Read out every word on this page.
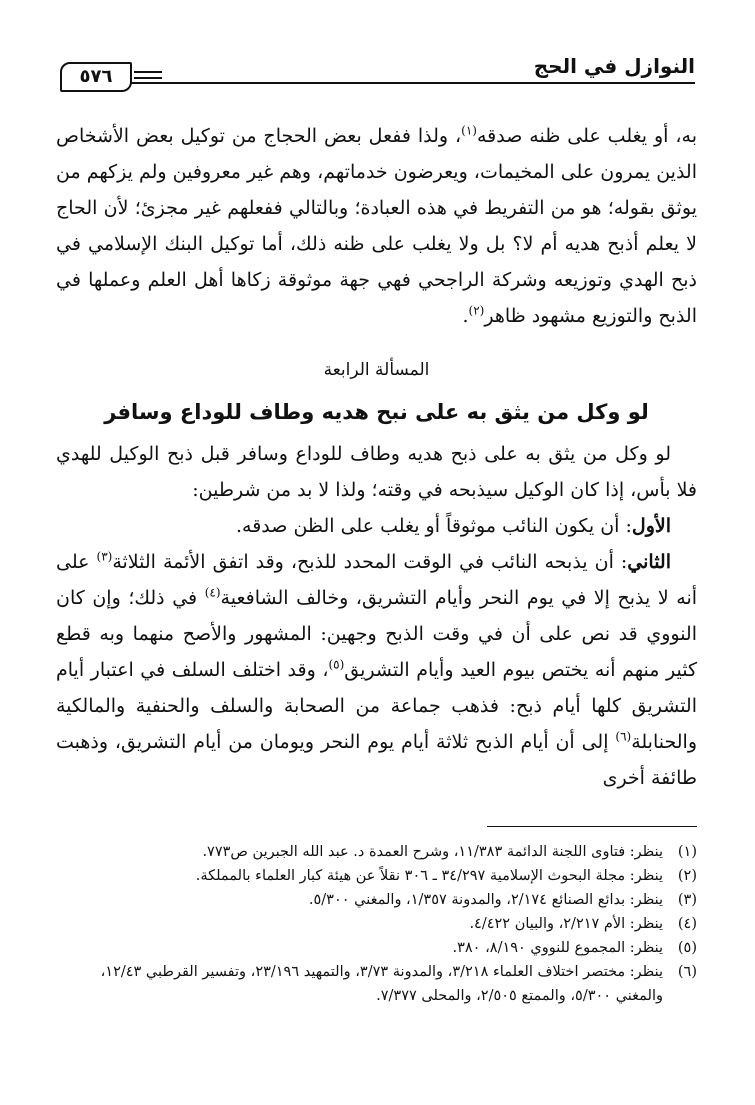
النوازل في الحج
٥٧٦

به، أو يغلب على ظنه صدقه$^{(١)}$، ولذا ففعل بعض الحجاج من توكيل بعض الأشخاص الذين يمرون على المخيمات، ويعرضون خدماتهم، وهم غير معروفين ولم يزكهم من يوثق بقوله؛ هو من التفريط في هذه العبادة؛ وبالتالي ففعلهم غير مجزئ؛ لأن الحاج لا يعلم أذبح هديه أم لا؟ بل ولا يغلب على ظنه ذلك، أما توكيل البنك الإسلامي في ذبح الهدي وتوزيعه وشركة الراجحي فهي جهة موثوقة زكاها أهل العلم وعملها في الذبح والتوزيع مشهود ظاهر$^{(٢)}$.

المسألة الرابعة
لو وكل من يثق به على نبح هديه وطاف للوداع وسافر

لو وكل من يثق به على ذبح هديه وطاف للوداع وسافر قبل ذبح الوكيل للهدي فلا بأس، إذا كان الوكيل سيذبحه في وقته؛ ولذا لا بد من شرطين:

الأول: أن يكون النائب موثوقاً أو يغلب على الظن صدقه.

الثاني: أن يذبحه النائب في الوقت المحدد للذبح، وقد اتفق الأئمة الثلاثة$^{(٣)}$ على أنه لا يذبح إلا في يوم النحر وأيام التشريق، وخالف الشافعية$^{(٤)}$ في ذلك؛ وإن كان النووي قد نص على أن في وقت الذبح وجهين: المشهور والأصح منهما وبه قطع كثير منهم أنه يختص بيوم العيد وأيام التشريق$^{(٥)}$، وقد اختلف السلف في اعتبار أيام التشريق كلها أيام ذبح: فذهب جماعة من الصحابة والسلف والحنفية والمالكية والحنابلة$^{(٦)}$ إلى أن أيام الذبح ثلاثة أيام يوم النحر ويومان من أيام التشريق، وذهبت طائفة أخرى

(١)
ينظر: فتاوى اللجنة الدائمة ١١/٣٨٣، وشرح العمدة د. عبد الله الجبرين ص٧٧٣.
(٢)
ينظر: مجلة البحوث الإسلامية ٣٤/٢٩٧ ـ ٣٠٦ نقلاً عن هيئة كبار العلماء بالمملكة.
(٣)
ينظر: بدائع الصنائع ٢/١٧٤، والمدونة ١/٣٥٧، والمغني ٥/٣٠٠.
(٤)
ينظر: الأم ٢/٢١٧، والبيان ٤/٤٢٢.
(٥)
ينظر: المجموع للنووي ٨/١٩٠، ٣٨٠.
(٦)
ينظر: مختصر اختلاف العلماء ٣/٢١٨، والمدونة ٣/٧٣، والتمهيد ٢٣/١٩٦، وتفسير القرطبي ١٢/٤٣، والمغني ٥/٣٠٠، والممتع ٢/٥٠٥، والمحلى ٧/٣٧٧.
